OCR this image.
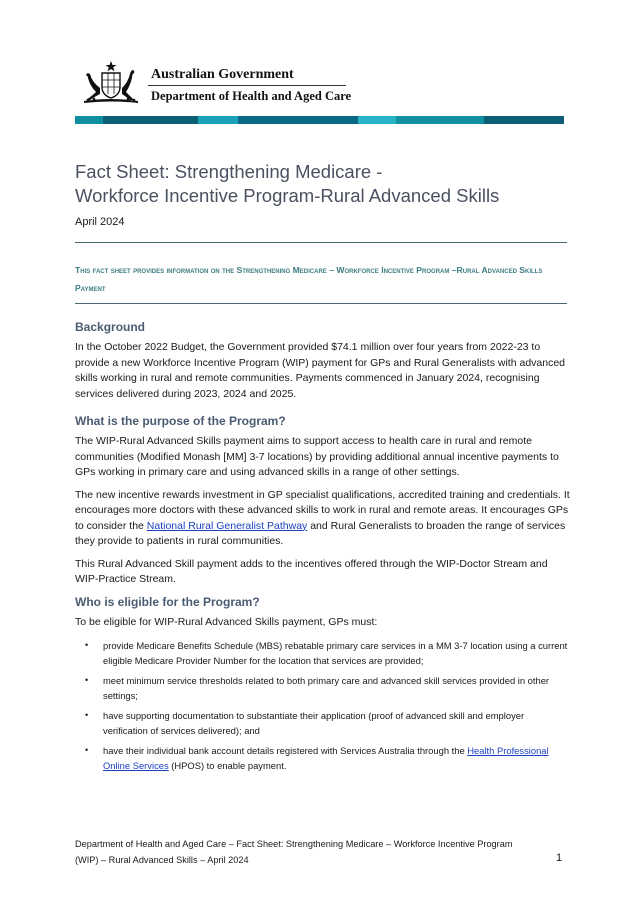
Australian Government
Department of Health and Aged Care
Fact Sheet: Strengthening Medicare -
Workforce Incentive Program-Rural Advanced Skills
April 2024
This fact sheet provides information on the Strengthening Medicare – Workforce Incentive Program –Rural Advanced Skills Payment
Background
In the October 2022 Budget, the Government provided $74.1 million over four years from 2022-23 to provide a new Workforce Incentive Program (WIP) payment for GPs and Rural Generalists with advanced skills working in rural and remote communities. Payments commenced in January 2024, recognising services delivered during 2023, 2024 and 2025.
What is the purpose of the Program?
The WIP-Rural Advanced Skills payment aims to support access to health care in rural and remote communities (Modified Monash [MM] 3-7 locations) by providing additional annual incentive payments to GPs working in primary care and using advanced skills in a range of other settings.
The new incentive rewards investment in GP specialist qualifications, accredited training and credentials. It encourages more doctors with these advanced skills to work in rural and remote areas. It encourages GPs to consider the National Rural Generalist Pathway and Rural Generalists to broaden the range of services they provide to patients in rural communities.
This Rural Advanced Skill payment adds to the incentives offered through the WIP-Doctor Stream and WIP-Practice Stream.
Who is eligible for the Program?
To be eligible for WIP-Rural Advanced Skills payment, GPs must:
• provide Medicare Benefits Schedule (MBS) rebatable primary care services in a MM 3-7 location using a current eligible Medicare Provider Number for the location that services are provided;
• meet minimum service thresholds related to both primary care and advanced skill services provided in other settings;
• have supporting documentation to substantiate their application (proof of advanced skill and employer verification of services delivered); and
• have their individual bank account details registered with Services Australia through the Health Professional Online Services (HPOS) to enable payment.
Department of Health and Aged Care – Fact Sheet: Strengthening Medicare – Workforce Incentive Program
(WIP) – Rural Advanced Skills – April 2024	1
